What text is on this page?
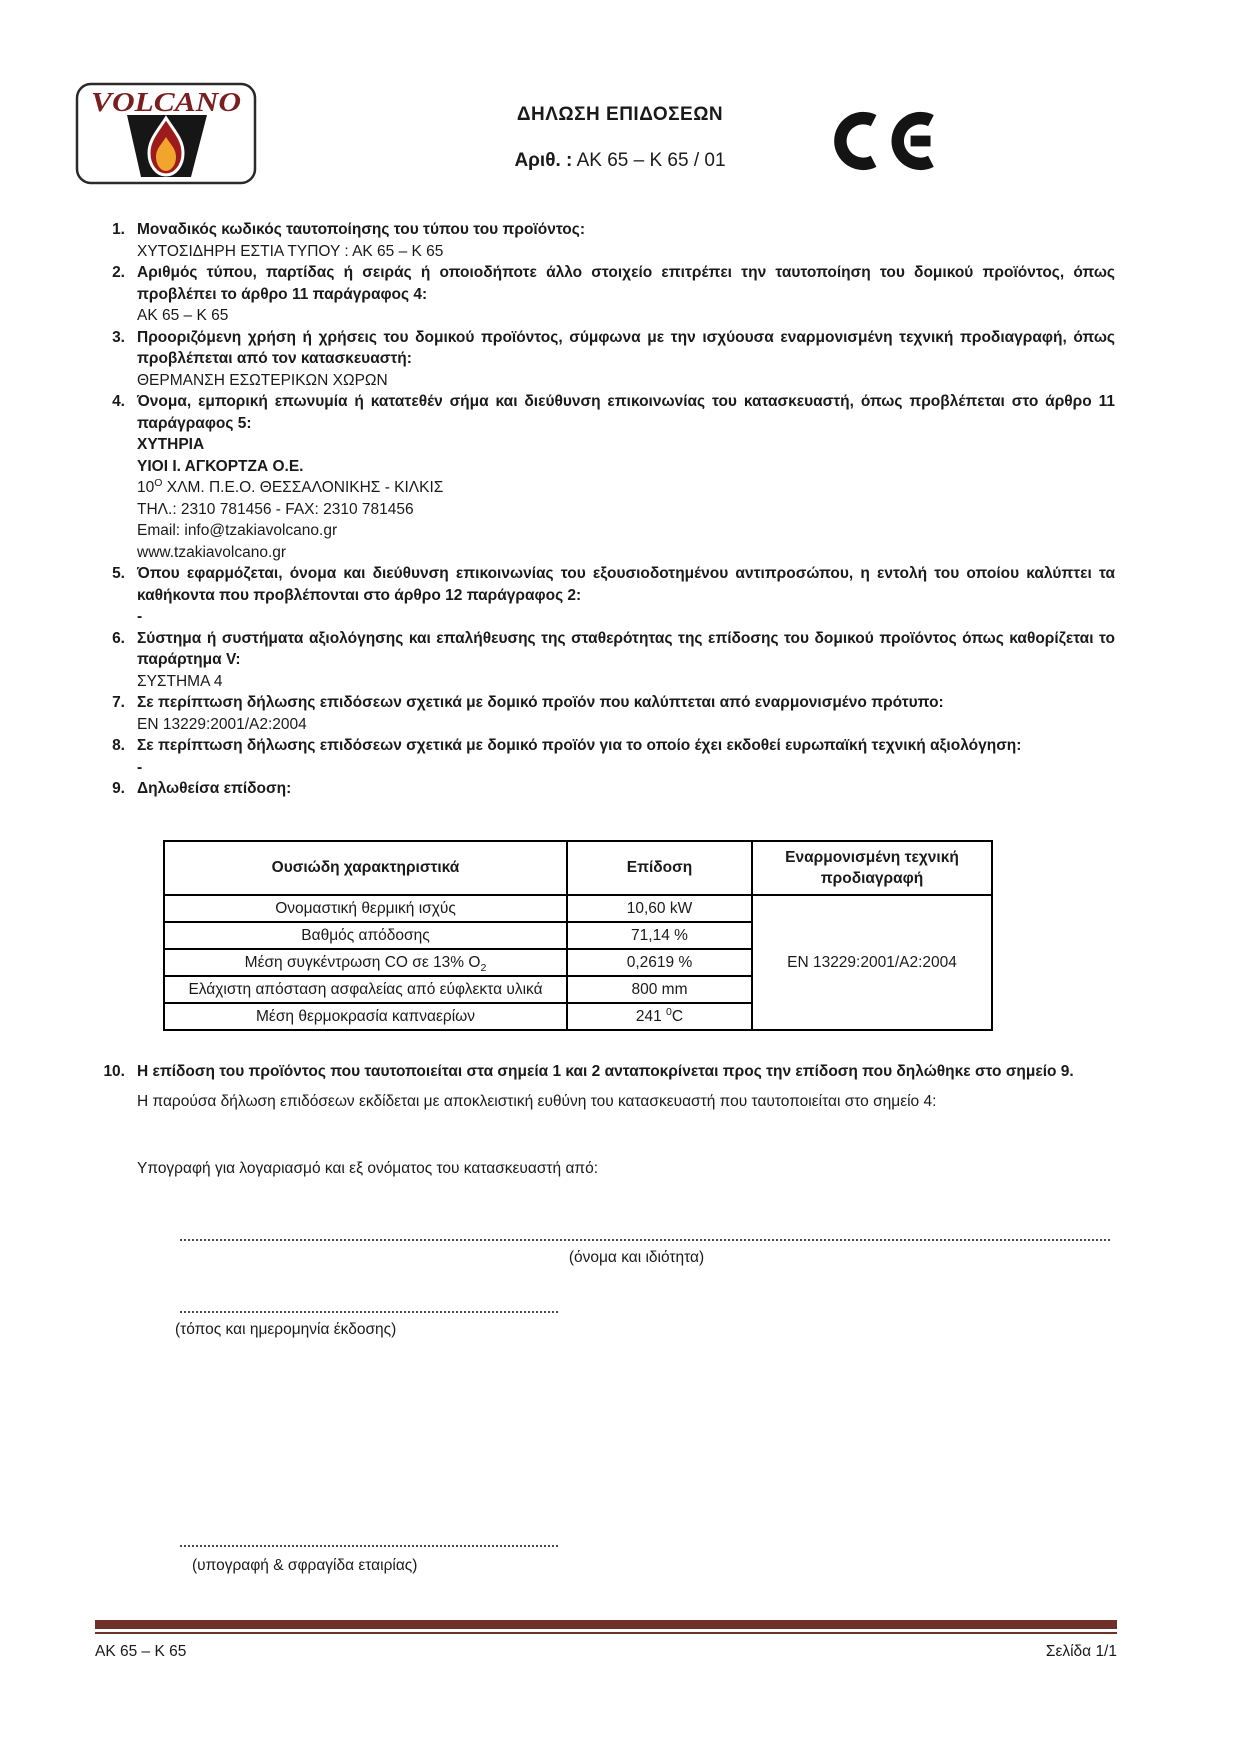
VOLCANO	ΔΗΛΩΣΗ ΕΠΙΔΟΣΕΩΝ
Αριθ. : ΑΚ 65 – Κ 65 / 01
1. Μοναδικός κωδικός ταυτοποίησης του τύπου του προϊόντος:

ΧΥΤΟΣΙΔΗΡΗ ΕΣΤΙΑ ΤΥΠΟΥ : ΑΚ 65 – Κ 65

2. Αριθμός τύπου, παρτίδας ή σειράς ή οποιοδήποτε άλλο στοιχείο επιτρέπει την ταυτοποίηση του δομικού προϊόντος, όπως προβλέπει το άρθρο 11 παράγραφος 4:

ΑΚ 65 – Κ 65

3. Προοριζόμενη χρήση ή χρήσεις του δομικού προϊόντος, σύμφωνα με την ισχύουσα εναρμονισμένη τεχνική προδιαγραφή, όπως προβλέπεται από τον κατασκευαστή:

ΘΕΡΜΑΝΣΗ ΕΣΩΤΕΡΙΚΩΝ ΧΩΡΩΝ

4. Όνομα, εμπορική επωνυμία ή κατατεθέν σήμα και διεύθυνση επικοινωνίας του κατασκευαστή, όπως προβλέπεται στο άρθρο 11 παράγραφος 5:

ΧΥΤΗΡΙΑ

ΥΙΟΙ Ι. ΑΓΚΟΡΤΖΑ Ο.Ε.

$10^O$ ΧΛΜ. Π.Ε.Ο. ΘΕΣΣΑΛΟΝΙΚΗΣ - ΚΙΛΚΙΣ

ΤΗΛ.: 2310 781456 - FAX: 2310 781456

Email: info@tzakiavolcano.gr

www.tzakiavolcano.gr

5. Όπου εφαρμόζεται, όνομα και διεύθυνση επικοινωνίας του εξουσιοδοτημένου αντιπροσώπου, η εντολή του οποίου καλύπτει τα καθήκοντα που προβλέπονται στο άρθρο 12 παράγραφος 2:

-

6. Σύστημα ή συστήματα αξιολόγησης και επαλήθευσης της σταθερότητας της επίδοσης του δομικού προϊόντος όπως καθορίζεται το παράρτημα V:

ΣΥΣΤΗΜΑ 4

7. Σε περίπτωση δήλωσης επιδόσεων σχετικά με δομικό προϊόν που καλύπτεται από εναρμονισμένο πρότυπο:

EN 13229:2001/A2:2004

8. Σε περίπτωση δήλωσης επιδόσεων σχετικά με δομικό προϊόν για το οποίο έχει εκδοθεί ευρωπαϊκή τεχνική αξιολόγηση:

-

9. Δηλωθείσα επίδοση:

Ουσιώδη χαρακτηριστικά	Επίδοση	Εναρμονισμένη τεχνική προδιαγραφή
Ονομαστική θερμική ισχύς	10,60 kW	EN 13229:2001/A2:2004
Βαθμός απόδοσης	71,14 %	
Μέση συγκέντρωση CO σε 13% $O_2$	0,2619 %	
Ελάχιστη απόσταση ασφαλείας από εύφλεκτα υλικά	800 mm	
Μέση θερμοκρασία καπναερίων	241 $^0$C	
10. Η επίδοση του προϊόντος που ταυτοποιείται στα σημεία 1 και 2 ανταποκρίνεται προς την επίδοση που δηλώθηκε στο σημείο 9.

Η παρούσα δήλωση επιδόσεων εκδίδεται με αποκλειστική ευθύνη του κατασκευαστή που ταυτοποιείται στο σημείο 4:

Υπογραφή για λογαριασμό και εξ ονόματος του κατασκευαστή από:

(όνομα και ιδιότητα)

(τόπος και ημερομηνία έκδοσης)

(υπογραφή & σφραγίδα εταιρίας)

ΑΚ 65 – Κ 65	Σελίδα 1/1
